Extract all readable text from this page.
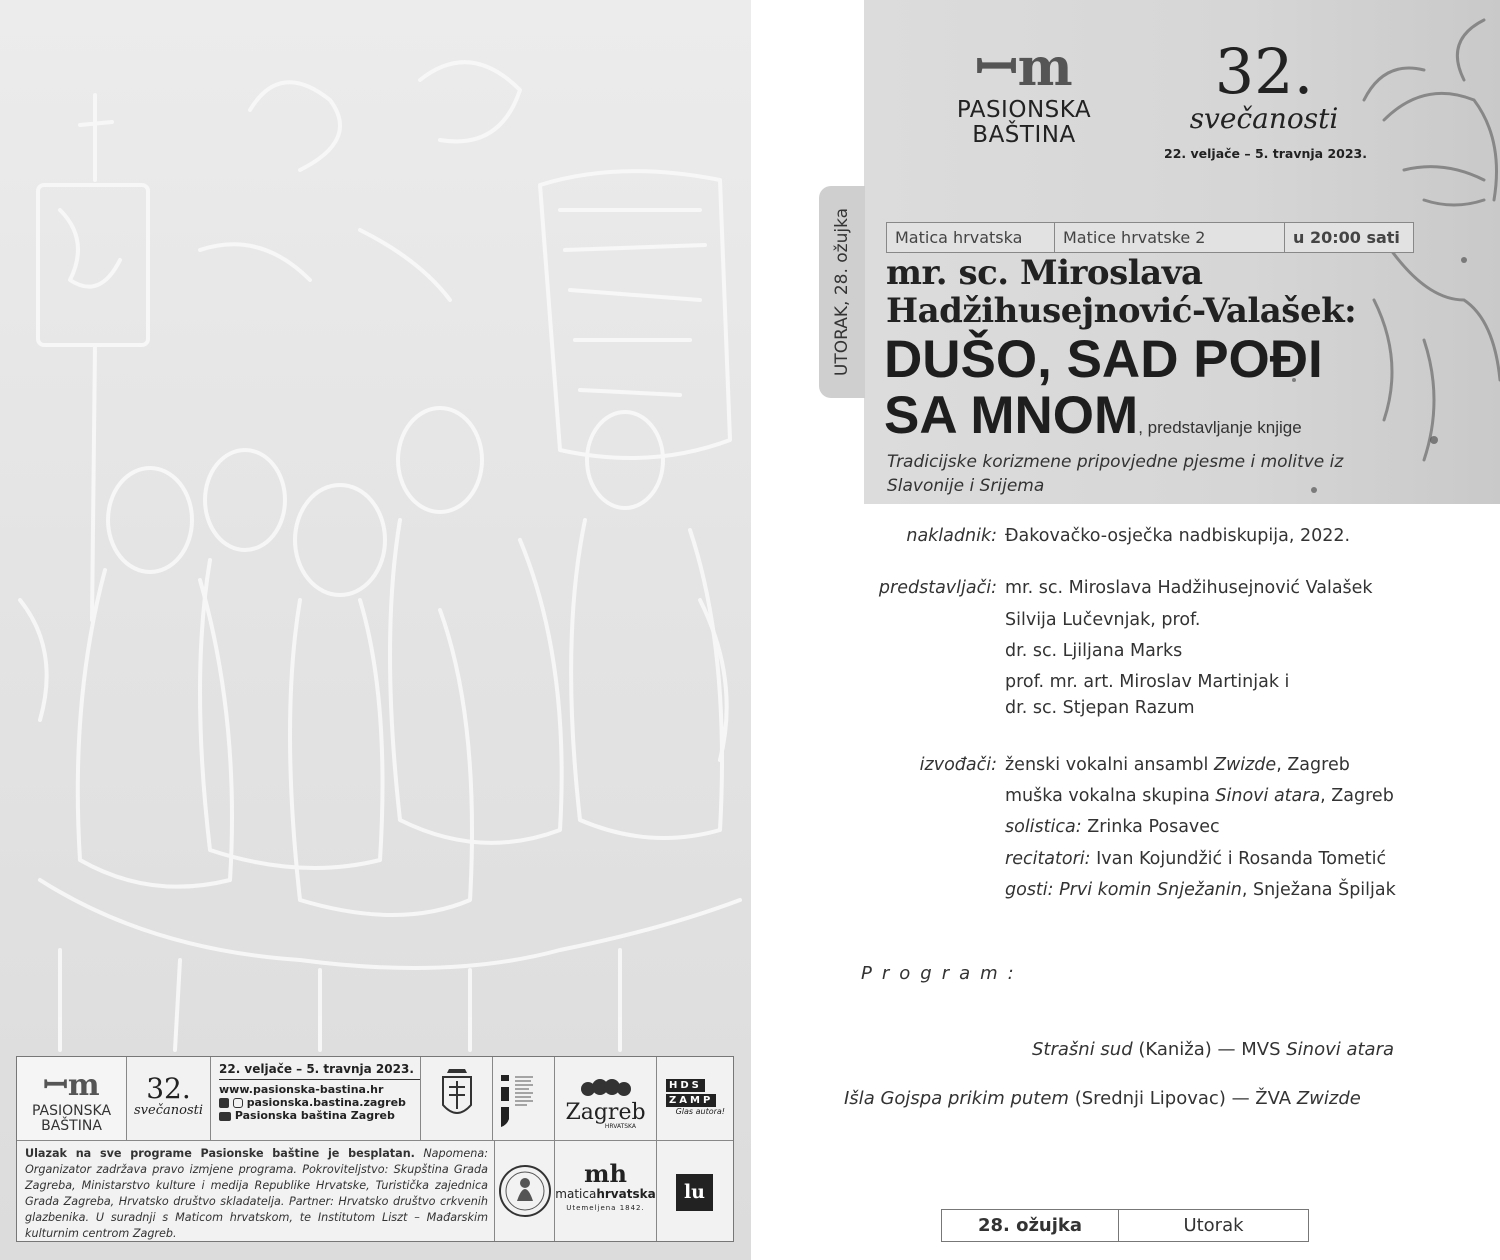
ꟷm
PASIONSKA
BAŠTINA
32.
svečanosti
22. veljače – 5. travnja 2023.
www.pasionska-bastina.hr
pasionska.bastina.zagreb
Pasionska baština Zagreb	Zagreb
HRVATSKA
HDS
ZAMP
Glas autora!

Ulazak na sve programe Pasionske baštine je besplatan. Napomena: Organizator zadržava pravo izmjene programa. Pokroviteljstvo: Skupština Grada Zagreba, Ministarstvo kulture i medija Republike Hrvatske, Turistička zajednica Grada Zagreba, Hrvatsko društvo skladatelja. Partner: Hrvatsko društvo crkvenih glazbenika. U suradnji s Maticom hrvatskom, te Institutom Liszt – Mađarskim kulturnim centrom Zagreb.

mh
maticahrvatska
Utemeljena 1842.
lu
ꟷm
PASIONSKA
BAŠTINA
32.
svečanosti
22. veljače – 5. travnja 2023.
UTORAK, 28. ožujka	Matica hrvatska	Matice hrvatske 2	u 20:00 sati
mr. sc. Miroslava
Hadžihusejnović-Valašek:
DUŠO, SAD POĐI
SA MNOM, predstavljanje knjige
Tradicijske korizmene pripovjedne pjesme i molitve iz
Slavonije i Srijema
nakladnik: Đakovačko-osječka nadbiskupija, 2022.
predstavljači: mr. sc. Miroslava Hadžihusejnović Valašek
Silvija Lučevnjak, prof.
dr. sc. Ljiljana Marks
prof. mr. art. Miroslav Martinjak i
dr. sc. Stjepan Razum
izvođači: ženski vokalni ansambl Zwizde, Zagreb
muška vokalna skupina Sinovi atara, Zagreb
solistica: Zrinka Posavec
recitatori: Ivan Kojundžić i Rosanda Tometić
gosti: Prvi komin Snježanin, Snježana Špiljak
Program:
Strašni sud (Kaniža) — MVS Sinovi atara
Išla Gojspa prikim putem (Srednji Lipovac) — ŽVA Zwizde
28. ožujka	Utorak
